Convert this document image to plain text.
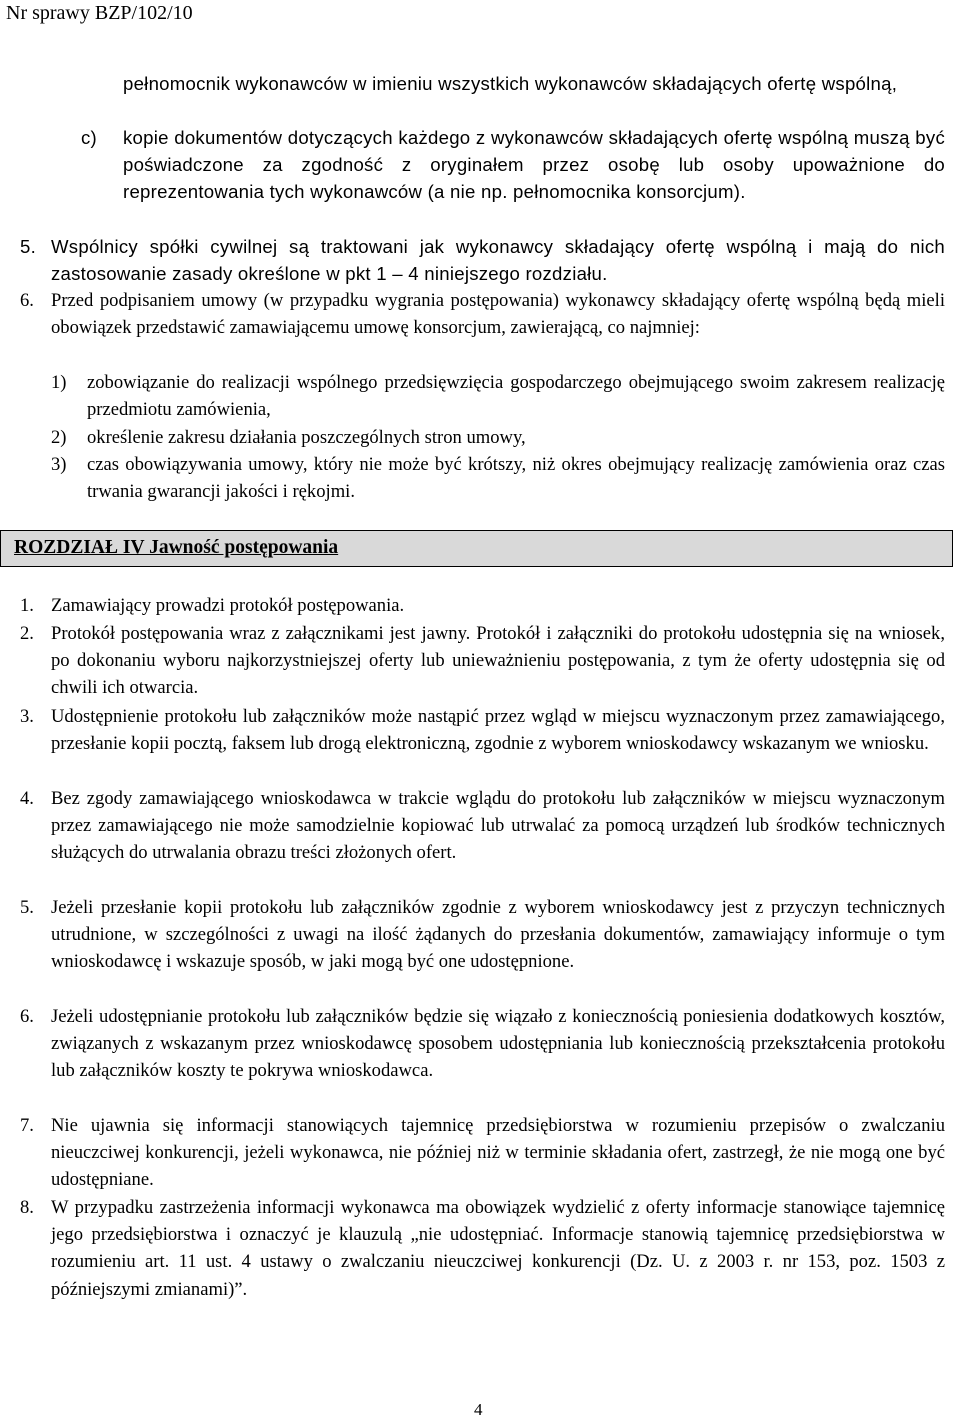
Nr sprawy BZP/102/10

pełnomocnik wykonawców w imieniu wszystkich wykonawców składających ofertę wspólną,

c) kopie dokumentów dotyczących każdego z wykonawców składających ofertę wspólną muszą być poświadczone za zgodność z oryginałem przez osobę lub osoby upoważnione do reprezentowania tych wykonawców (a nie np. pełnomocnika konsorcjum).

5. Wspólnicy spółki cywilnej są traktowani jak wykonawcy składający ofertę wspólną i mają do nich zastosowanie zasady określone w pkt 1 – 4 niniejszego rozdziału.

6. Przed podpisaniem umowy (w przypadku wygrania postępowania) wykonawcy składający ofertę wspólną będą mieli obowiązek przedstawić zamawiającemu umowę konsorcjum, zawierającą, co najmniej:

1) zobowiązanie do realizacji wspólnego przedsięwzięcia gospodarczego obejmującego swoim zakresem realizację przedmiotu zamówienia,

2) określenie zakresu działania poszczególnych stron umowy,

3) czas obowiązywania umowy, który nie może być krótszy, niż okres obejmujący realizację zamówienia oraz czas trwania gwarancji jakości i rękojmi.

ROZDZIAŁ IV Jawność postępowania
1. Zamawiający prowadzi protokół postępowania.

2. Protokół postępowania wraz z załącznikami jest jawny. Protokół i załączniki do protokołu udostępnia się na wniosek, po dokonaniu wyboru najkorzystniejszej oferty lub unieważnieniu postępowania, z tym że oferty udostępnia się od chwili ich otwarcia.

3. Udostępnienie protokołu lub załączników może nastąpić przez wgląd w miejscu wyznaczonym przez zamawiającego, przesłanie kopii pocztą, faksem lub drogą elektroniczną, zgodnie z wyborem wnioskodawcy wskazanym we wniosku.

4. Bez zgody zamawiającego wnioskodawca w trakcie wglądu do protokołu lub załączników w miejscu wyznaczonym przez zamawiającego nie może samodzielnie kopiować lub utrwalać za pomocą urządzeń lub środków technicznych służących do utrwalania obrazu treści złożonych ofert.

5. Jeżeli przesłanie kopii protokołu lub załączników zgodnie z wyborem wnioskodawcy jest z przyczyn technicznych utrudnione, w szczególności z uwagi na ilość żądanych do przesłania dokumentów, zamawiający informuje o tym wnioskodawcę i wskazuje sposób, w jaki mogą być one udostępnione.

6. Jeżeli udostępnianie protokołu lub załączników będzie się wiązało z koniecznością poniesienia dodatkowych kosztów, związanych z wskazanym przez wnioskodawcę sposobem udostępniania lub koniecznością przekształcenia protokołu lub załączników koszty te pokrywa wnioskodawca.

7. Nie ujawnia się informacji stanowiących tajemnicę przedsiębiorstwa w rozumieniu przepisów o zwalczaniu nieuczciwej konkurencji, jeżeli wykonawca, nie później niż w terminie składania ofert, zastrzegł, że nie mogą one być udostępniane.

8. W przypadku zastrzeżenia informacji wykonawca ma obowiązek wydzielić z oferty informacje stanowiące tajemnicę jego przedsiębiorstwa i oznaczyć je klauzulą „nie udostępniać. Informacje stanowią tajemnicę przedsiębiorstwa w rozumieniu art. 11 ust. 4 ustawy o zwalczaniu nieuczciwej konkurencji (Dz. U. z 2003 r. nr 153, poz. 1503 z późniejszymi zmianami)”.

4
